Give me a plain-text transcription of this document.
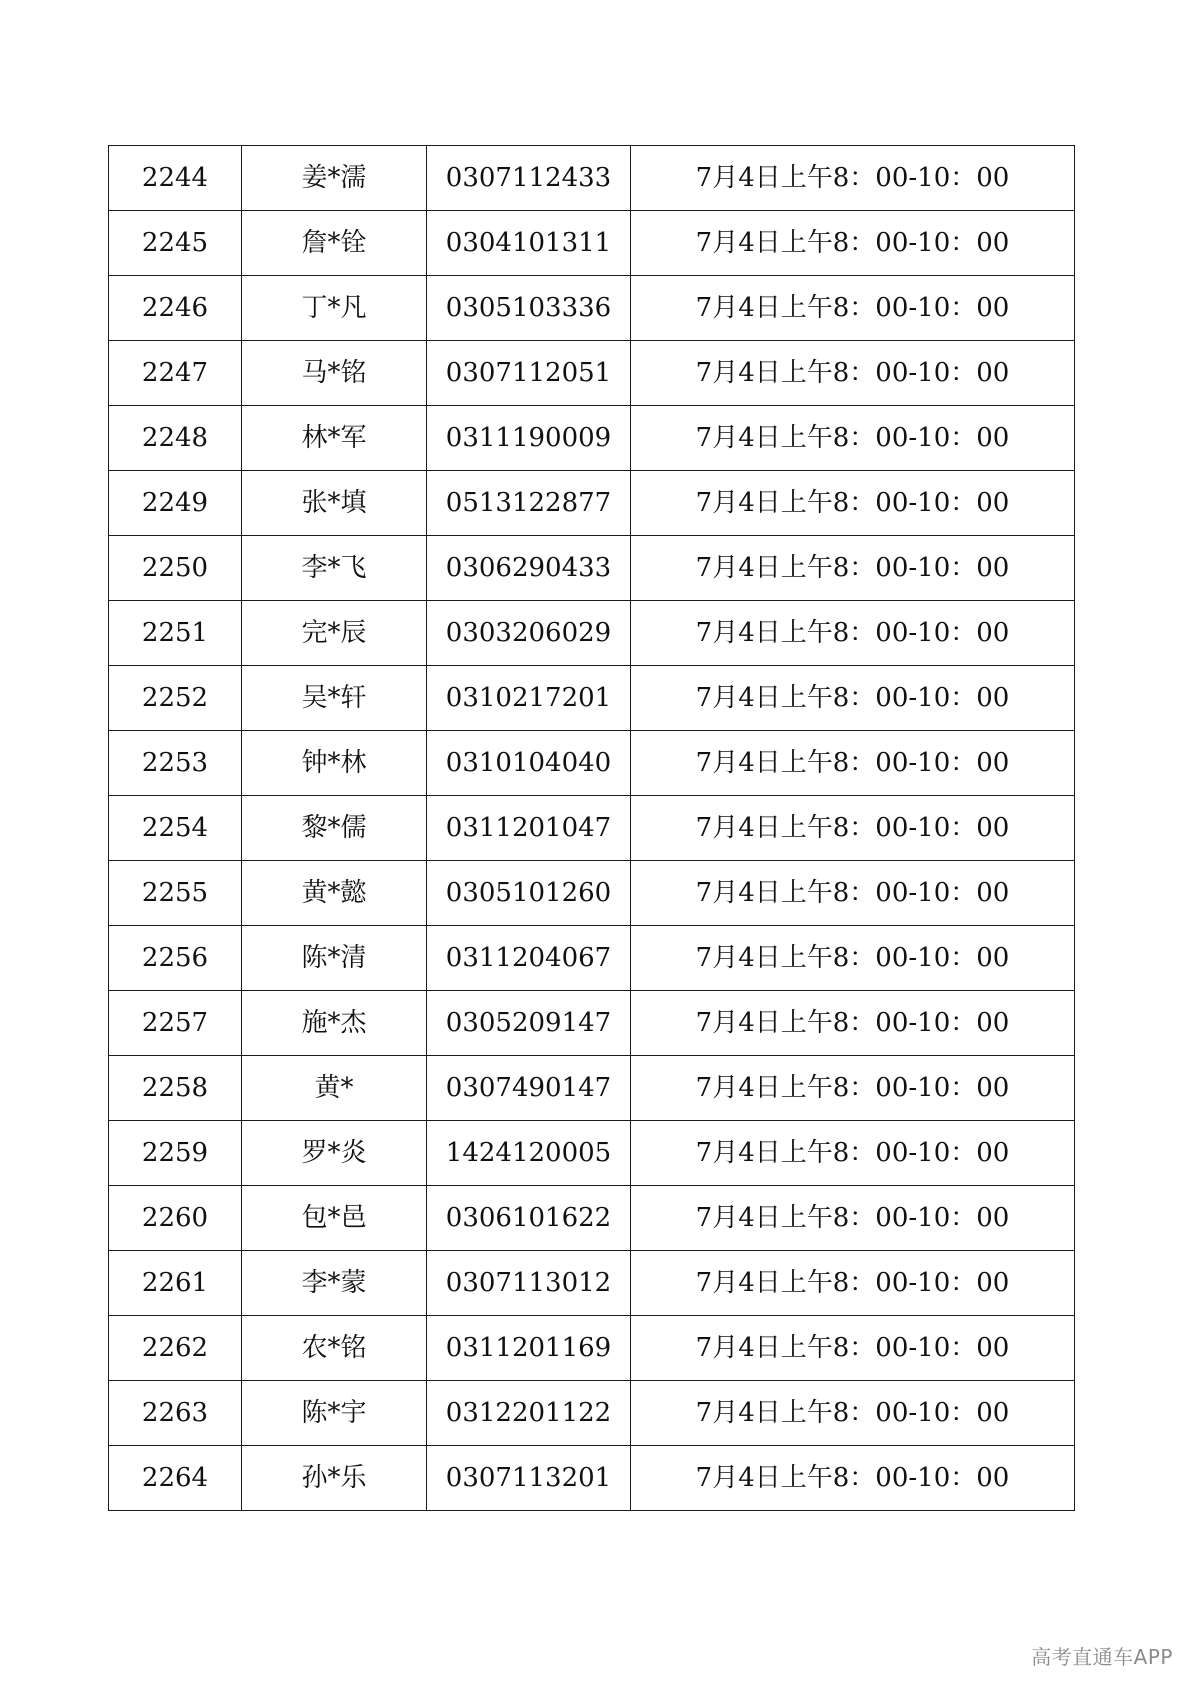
2244	姜*濡	0307112433	7月4日上午8：00-10：00
2245	詹*铨	0304101311	7月4日上午8：00-10：00
2246	丁*凡	0305103336	7月4日上午8：00-10：00
2247	马*铭	0307112051	7月4日上午8：00-10：00
2248	林*军	0311190009	7月4日上午8：00-10：00
2249	张*填	0513122877	7月4日上午8：00-10：00
2250	李*飞	0306290433	7月4日上午8：00-10：00
2251	完*辰	0303206029	7月4日上午8：00-10：00
2252	吴*轩	0310217201	7月4日上午8：00-10：00
2253	钟*林	0310104040	7月4日上午8：00-10：00
2254	黎*儒	0311201047	7月4日上午8：00-10：00
2255	黄*懿	0305101260	7月4日上午8：00-10：00
2256	陈*清	0311204067	7月4日上午8：00-10：00
2257	施*杰	0305209147	7月4日上午8：00-10：00
2258	黄*	0307490147	7月4日上午8：00-10：00
2259	罗*炎	1424120005	7月4日上午8：00-10：00
2260	包*邑	0306101622	7月4日上午8：00-10：00
2261	李*蒙	0307113012	7月4日上午8：00-10：00
2262	农*铭	0311201169	7月4日上午8：00-10：00
2263	陈*宇	0312201122	7月4日上午8：00-10：00
2264	孙*乐	0307113201	7月4日上午8：00-10：00
高考直通车APP
